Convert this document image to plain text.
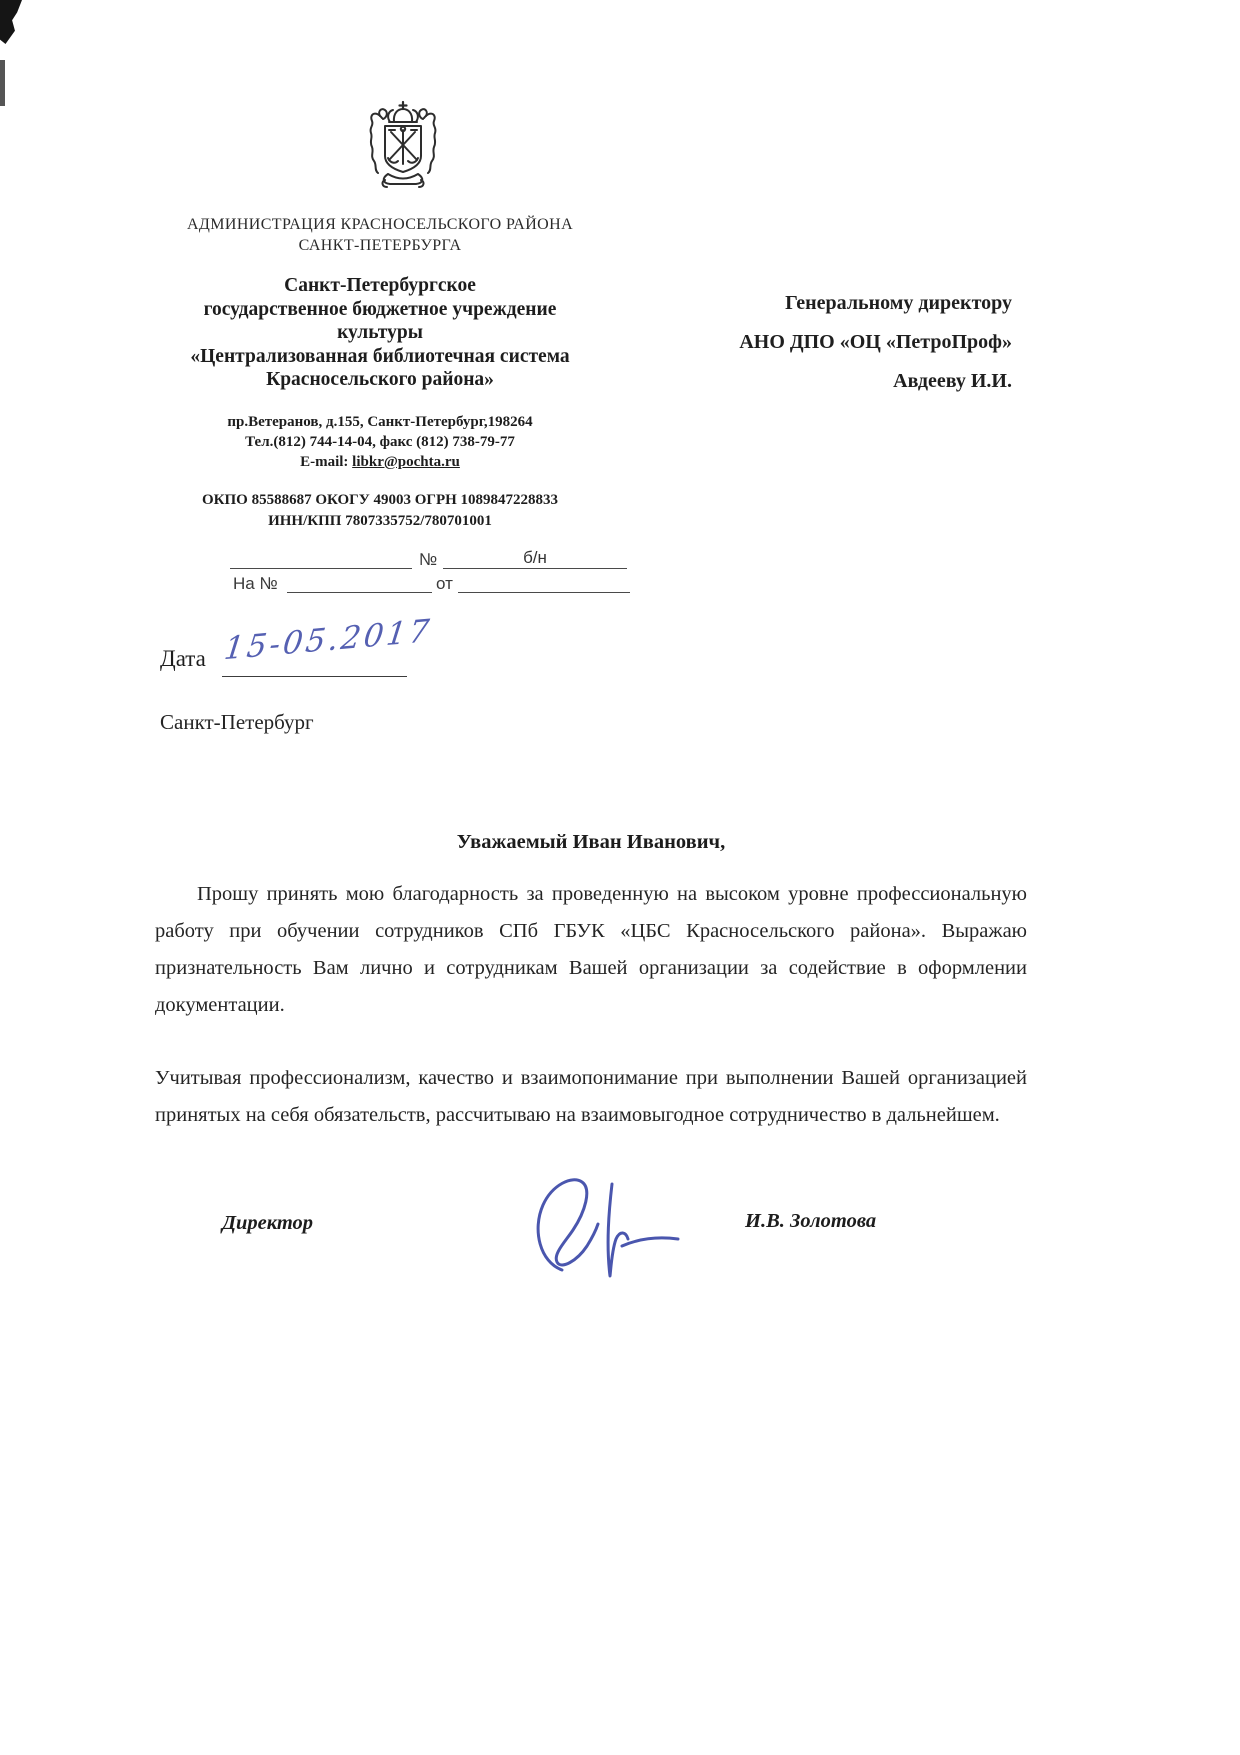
АДМИНИСТРАЦИЯ КРАСНОСЕЛЬСКОГО РАЙОНА
САНКТ-ПЕТЕРБУРГА
Санкт-Петербургское
государственное бюджетное учреждение
культуры
«Централизованная библиотечная система
Красносельского района»
пр.Ветеранов, д.155, Санкт-Петербург,198264
Тел.(812) 744-14-04, факс (812) 738-79-77
E-mail: libkr@pochta.ru
ОКПО 85588687 ОКОГУ 49003 ОГРН 1089847228833
ИНН/КПП 7807335752/780701001
Генеральному директору
АНО ДПО «ОЦ «ПетроПроф»
Авдееву И.И.
№	б/н
На №	от
Дата 15-05.2017
Санкт-Петербург
Уважаемый Иван Иванович,

Прошу принять мою благодарность за проведенную на высоком уровне профессиональную работу при обучении сотрудников СПб ГБУК «ЦБС Красносельского района». Выражаю признательность Вам лично и сотрудникам Вашей организации за содействие в оформлении документации.

Учитывая профессионализм, качество и взаимопонимание при выполнении Вашей организацией принятых на себя обязательств, рассчитываю на взаимовыгодное сотрудничество в дальнейшем.

Директор	И.В. Золотова
